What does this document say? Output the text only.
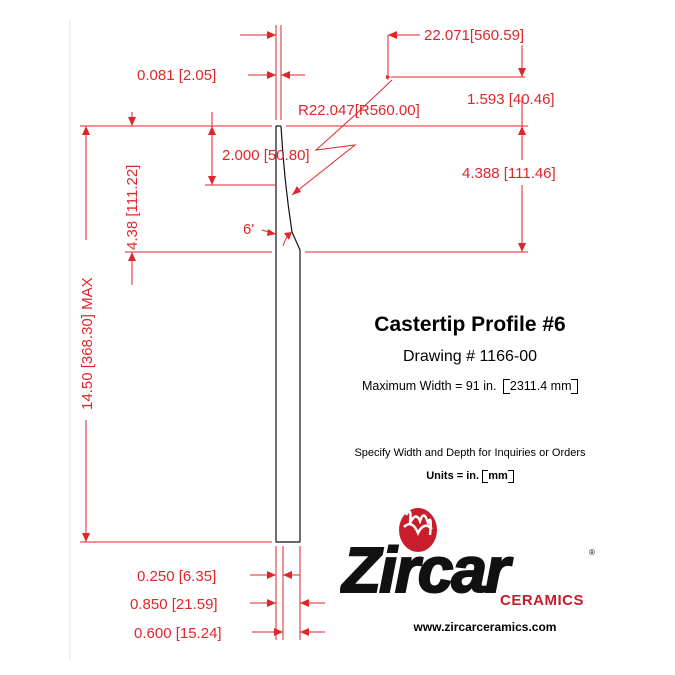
22.071[560.59]
1.593 [40.46]
0.081 [2.05]
R22.047[R560.00]
2.000 [50.80]
4.388 [111.46]
4.38 [111.22]	6'
14.50 [368.30] MAX
0.250 [6.35]
0.850 [21.59]
0.600 [15.24]
Castertip Profile #6
Drawing # 1166-00
Maximum Width = 91 in. 2311.4 mm
Specify Width and Depth for Inquiries or Orders
Units = in. mm
Zircar	®
CERAMICS
www.zircarceramics.com
